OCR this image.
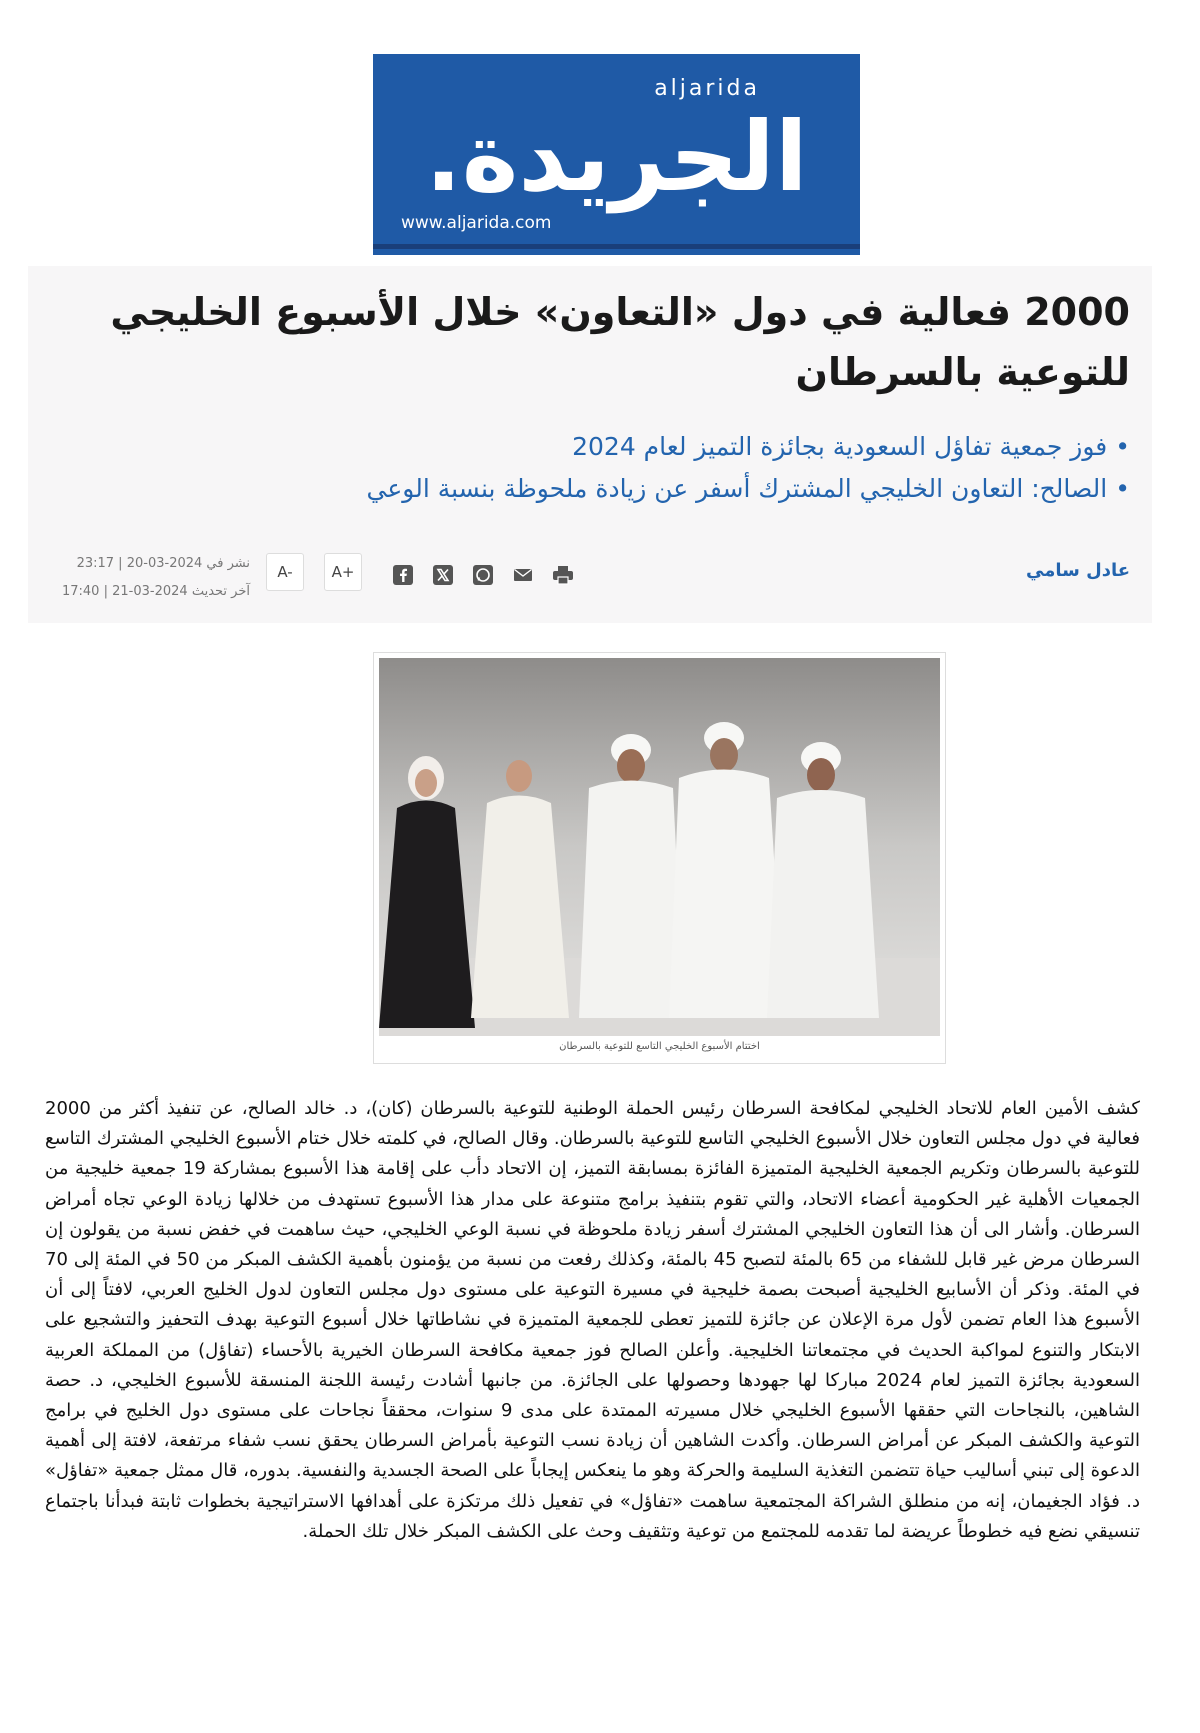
aljarida
الجريدة.
www.aljarida.com
2000 فعالية في دول «التعاون» خلال الأسبوع الخليجي للتوعية بالسرطان
•فوز جمعية تفاؤل السعودية بجائزة التميز لعام 2024
•الصالح: التعاون الخليجي المشترك أسفر عن زيادة ملحوظة بنسبة الوعي
عادل سامي
A-	A+
نشر في 2024-03-20 | 23:17
آخر تحديث 2024-03-21 | 17:40
اختتام الأسبوع الخليجي التاسع للتوعية بالسرطان

كشف الأمين العام للاتحاد الخليجي لمكافحة السرطان رئيس الحملة الوطنية للتوعية بالسرطان (كان)، د. خالد الصالح، عن تنفيذ أكثر من 2000 فعالية في دول مجلس التعاون خلال الأسبوع الخليجي التاسع للتوعية بالسرطان. وقال الصالح، في كلمته خلال ختام الأسبوع الخليجي المشترك التاسع للتوعية بالسرطان وتكريم الجمعية الخليجية المتميزة الفائزة بمسابقة التميز، إن الاتحاد دأب على إقامة هذا الأسبوع بمشاركة 19 جمعية خليجية من الجمعيات الأهلية غير الحكومية أعضاء الاتحاد، والتي تقوم بتنفيذ برامج متنوعة على مدار هذا الأسبوع تستهدف من خلالها زيادة الوعي تجاه أمراض السرطان. وأشار الى أن هذا التعاون الخليجي المشترك أسفر زيادة ملحوظة في نسبة الوعي الخليجي، حيث ساهمت في خفض نسبة من يقولون إن السرطان مرض غير قابل للشفاء من 65 بالمئة لتصبح 45 بالمئة، وكذلك رفعت من نسبة من يؤمنون بأهمية الكشف المبكر من 50 في المئة إلى 70 في المئة. وذكر أن الأسابيع الخليجية أصبحت بصمة خليجية في مسيرة التوعية على مستوى دول مجلس التعاون لدول الخليج العربي، لافتاً إلى أن الأسبوع هذا العام تضمن لأول مرة الإعلان عن جائزة للتميز تعطى للجمعية المتميزة في نشاطاتها خلال أسبوع التوعية بهدف التحفيز والتشجيع على الابتكار والتنوع لمواكبة الحديث في مجتمعاتنا الخليجية. وأعلن الصالح فوز جمعية مكافحة السرطان الخيرية بالأحساء (تفاؤل) من المملكة العربية السعودية بجائزة التميز لعام 2024 مباركا لها جهودها وحصولها على الجائزة. من جانبها أشادت رئيسة اللجنة المنسقة للأسبوع الخليجي، د. حصة الشاهين، بالنجاحات التي حققها الأسبوع الخليجي خلال مسيرته الممتدة على مدى 9 سنوات، محققاً نجاحات على مستوى دول الخليج في برامج التوعية والكشف المبكر عن أمراض السرطان. وأكدت الشاهين أن زيادة نسب التوعية بأمراض السرطان يحقق نسب شفاء مرتفعة، لافتة إلى أهمية الدعوة إلى تبني أساليب حياة تتضمن التغذية السليمة والحركة وهو ما ينعكس إيجاباً على الصحة الجسدية والنفسية. بدوره، قال ممثل جمعية «تفاؤل» د. فؤاد الجغيمان، إنه من منطلق الشراكة المجتمعية ساهمت «تفاؤل» في تفعيل ذلك مرتكزة على أهدافها الاستراتيجية بخطوات ثابتة فبدأنا باجتماع تنسيقي نضع فيه خطوطاً عريضة لما تقدمه للمجتمع من توعية وتثقيف وحث على الكشف المبكر خلال تلك الحملة.
